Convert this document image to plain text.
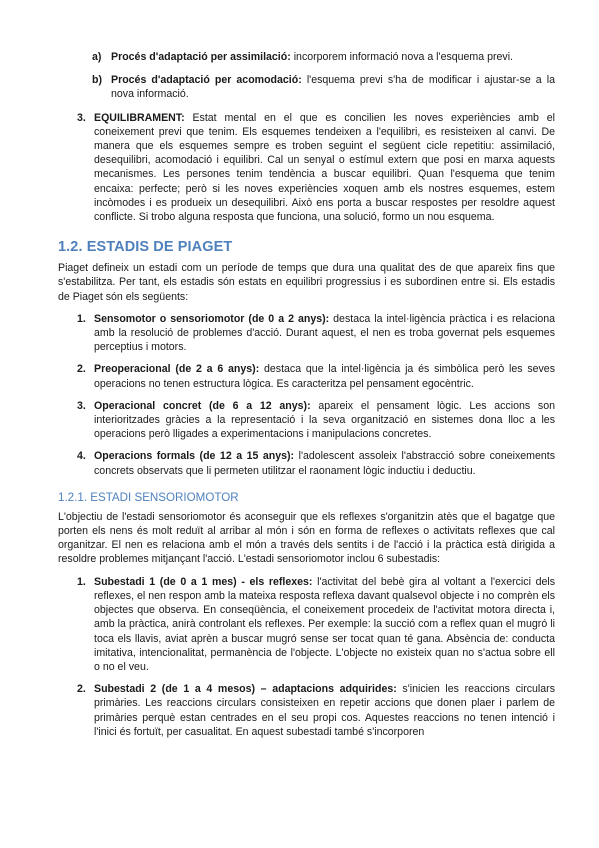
a) Procés d'adaptació per assimilació: incorporem informació nova a l'esquema previ.

b) Procés d'adaptació per acomodació: l'esquema previ s'ha de modificar i ajustar-se a la nova informació.

3. EQUILIBRAMENT: Estat mental en el que es concilien les noves experiències amb el coneixement previ que tenim. Els esquemes tendeixen a l'equilibri, es resisteixen al canvi. De manera que els esquemes sempre es troben seguint el següent cicle repetitiu: assimilació, desequilibri, acomodació i equilibri. Cal un senyal o estímul extern que posi en marxa aquests mecanismes. Les persones tenim tendència a buscar equilibri. Quan l'esquema que tenim encaixa: perfecte; però si les noves experiències xoquen amb els nostres esquemes, estem incòmodes i es produeix un desequilibri. Això ens porta a buscar respostes per resoldre aquest conflicte. Si trobo alguna resposta que funciona, una solució, formo un nou esquema.

1.2. ESTADIS DE PIAGET

Piaget defineix un estadi com un període de temps que dura una qualitat des de que apareix fins que s'estabilitza. Per tant, els estadis són estats en equilibri progressius i es subordinen entre si. Els estadis de Piaget són els següents:

1. Sensomotor o sensoriomotor (de 0 a 2 anys): destaca la intel·ligència pràctica i es relaciona amb la resolució de problemes d'acció. Durant aquest, el nen es troba governat pels esquemes perceptius i motors.

2. Preoperacional (de 2 a 6 anys): destaca que la intel·ligència ja és simbòlica però les seves operacions no tenen estructura lògica. Es caracteritza pel pensament egocèntric.

3. Operacional concret (de 6 a 12 anys): apareix el pensament lògic. Les accions son interioritzades gràcies a la representació i la seva organització en sistemes dona lloc a les operacions però lligades a experimentacions i manipulacions concretes.

4. Operacions formals (de 12 a 15 anys): l'adolescent assoleix l'abstracció sobre coneixements concrets observats que li permeten utilitzar el raonament lògic inductiu i deductiu.

1.2.1. ESTADI SENSORIOMOTOR

L'objectiu de l'estadi sensoriomotor és aconseguir que els reflexes s'organitzin atès que el bagatge que porten els nens és molt reduït al arribar al món i són en forma de reflexes o activitats reflexes que cal organitzar. El nen es relaciona amb el món a través dels sentits i de l'acció i la pràctica està dirigida a resoldre problemes mitjançant l'acció. L'estadi sensoriomotor inclou 6 subestadis:

1. Subestadi 1 (de 0 a 1 mes) - els reflexes: l'activitat del bebè gira al voltant a l'exercici dels reflexes, el nen respon amb la mateixa resposta reflexa davant qualsevol objecte i no comprèn els objectes que observa. En conseqüència, el coneixement procedeix de l'activitat motora directa i, amb la pràctica, anirà controlant els reflexes. Per exemple: la succió com a reflex quan el mugró li toca els llavis, aviat aprèn a buscar mugró sense ser tocat quan té gana. Absència de: conducta imitativa, intencionalitat, permanència de l'objecte. L'objecte no existeix quan no s'actua sobre ell o no el veu.

2. Subestadi 2 (de 1 a 4 mesos) – adaptacions adquirides: s'inicien les reaccions circulars primàries. Les reaccions circulars consisteixen en repetir accions que donen plaer i parlem de primàries perquè estan centrades en el seu propi cos. Aquestes reaccions no tenen intenció i l'inici és fortuït, per casualitat. En aquest subestadi també s'incorporen
